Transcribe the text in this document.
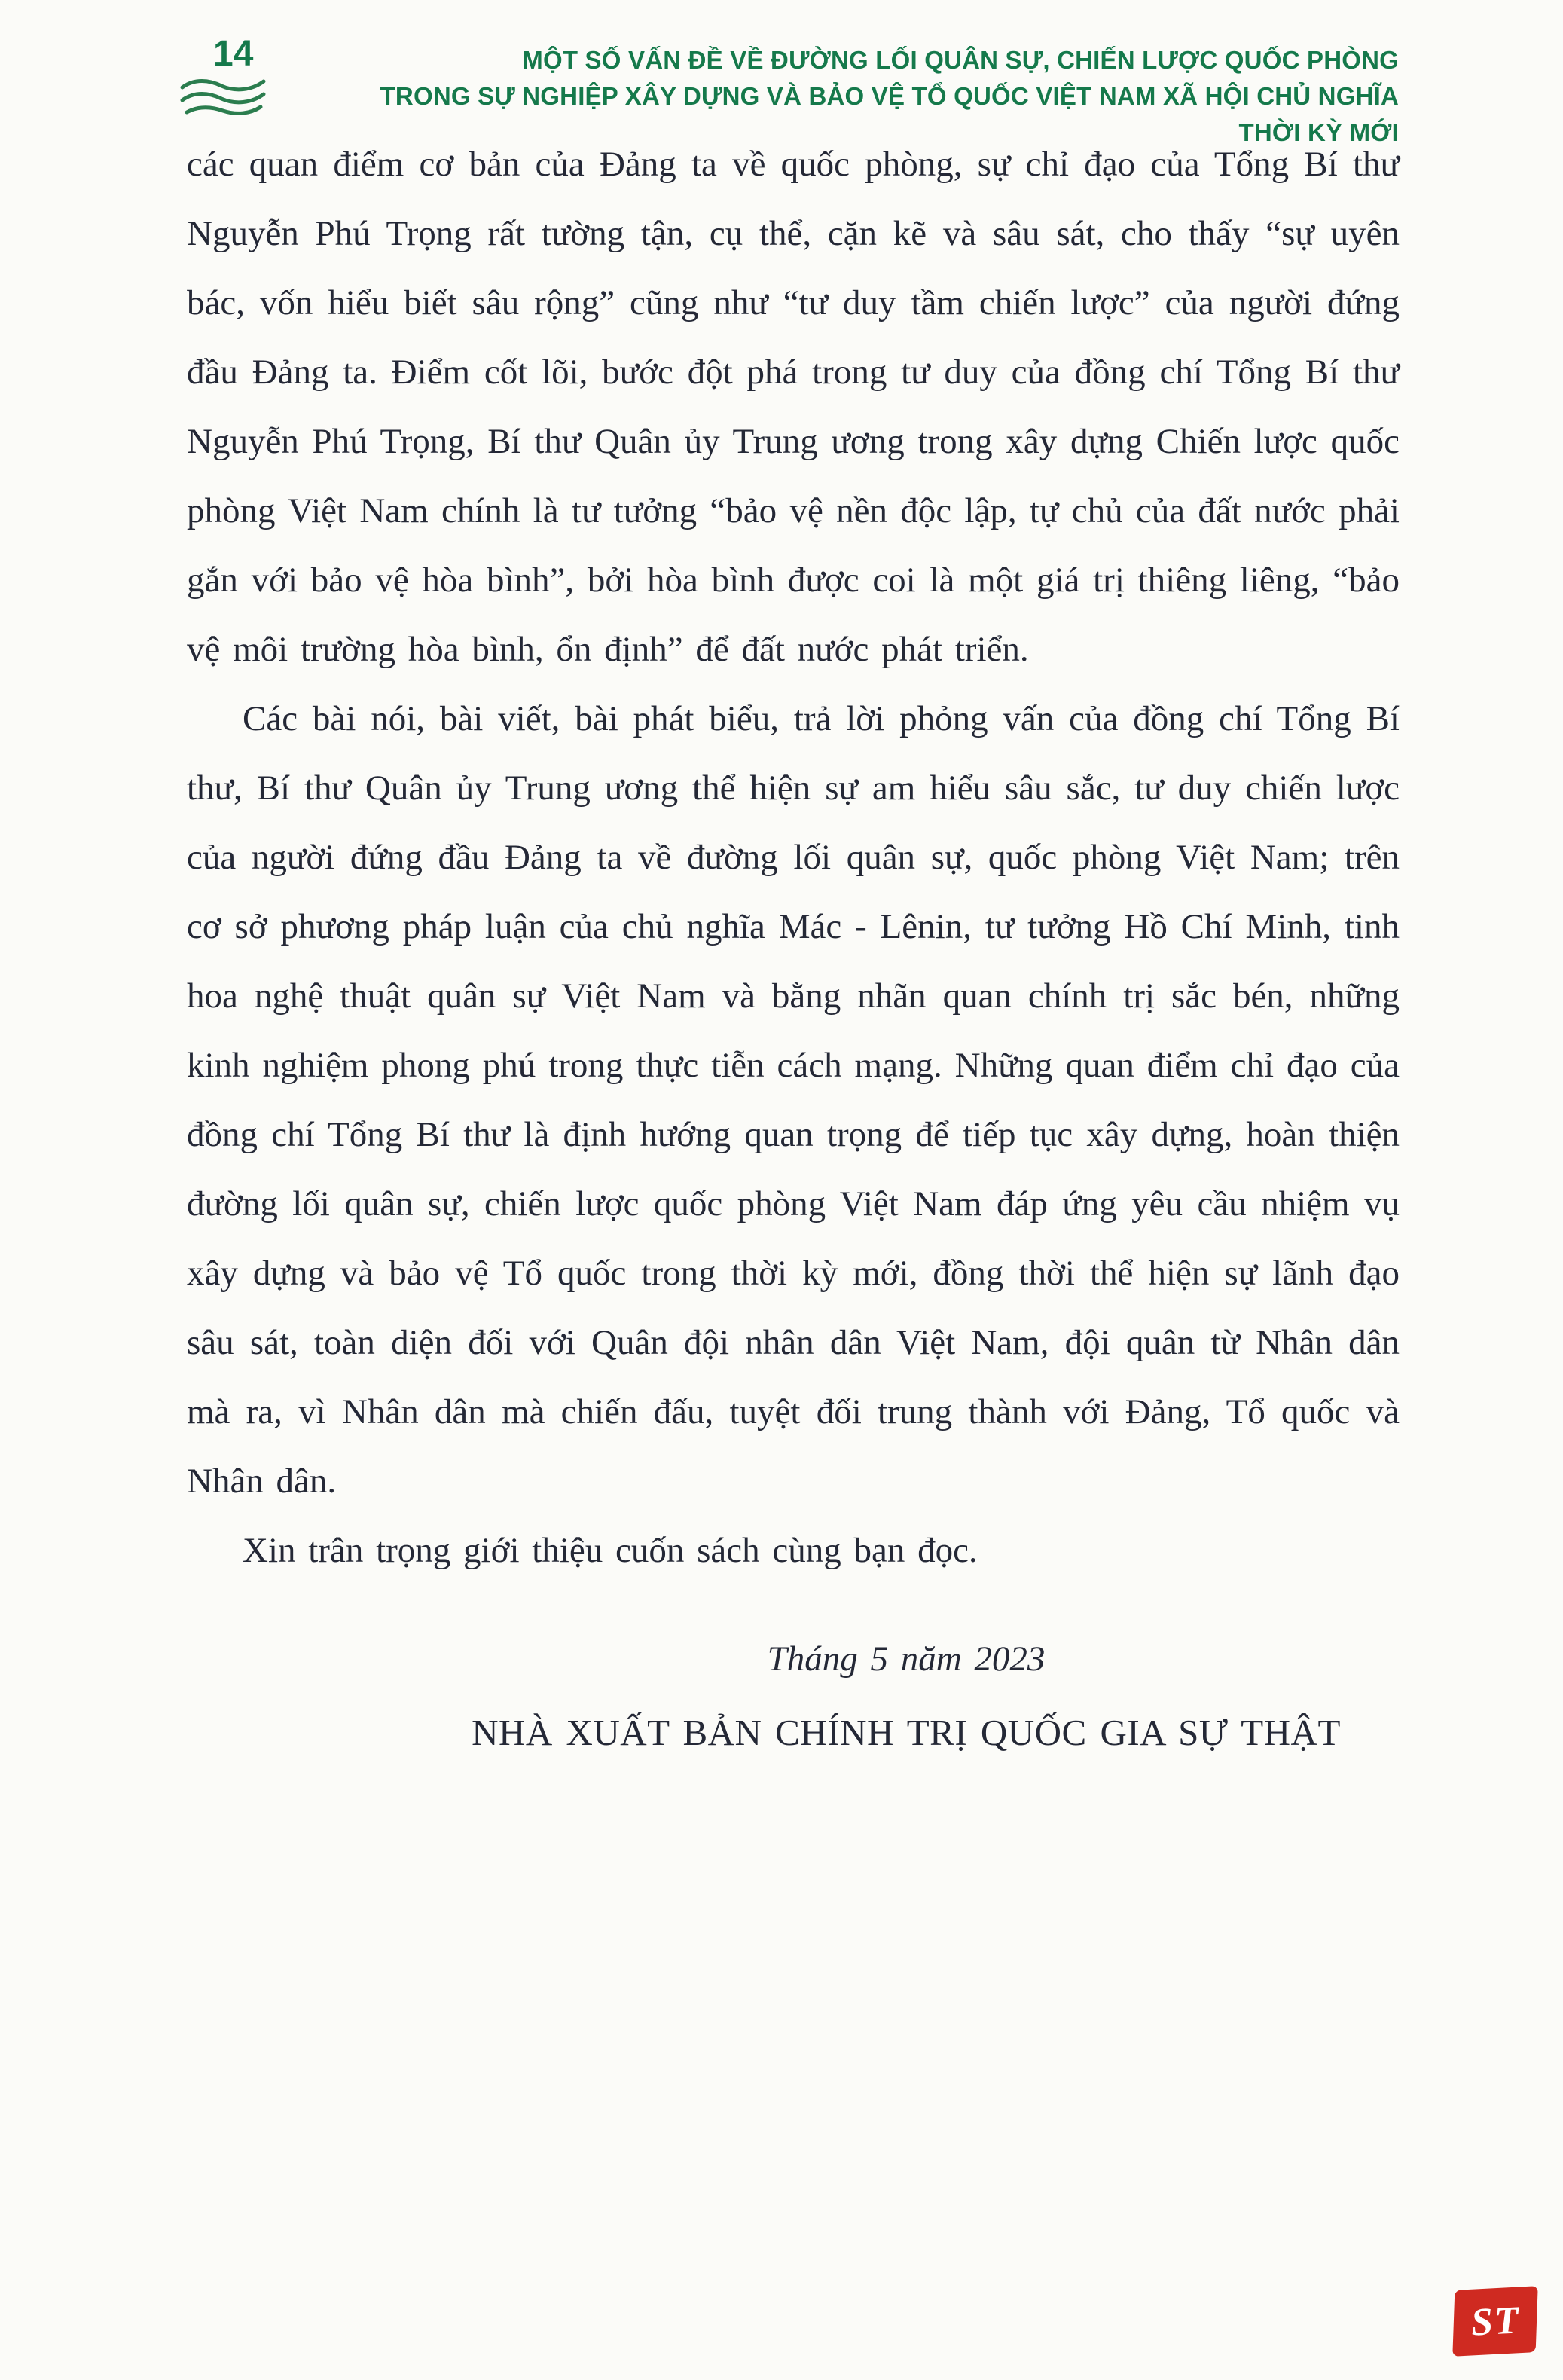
14	MỘT SỐ VẤN ĐỀ VỀ ĐƯỜNG LỐI QUÂN SỰ, CHIẾN LƯỢC QUỐC PHÒNG
TRONG SỰ NGHIỆP XÂY DỰNG VÀ BẢO VỆ TỔ QUỐC VIỆT NAM XÃ HỘI CHỦ NGHĨA THỜI KỲ MỚI

các quan điểm cơ bản của Đảng ta về quốc phòng, sự chỉ đạo của Tổng Bí thư Nguyễn Phú Trọng rất tường tận, cụ thể, cặn kẽ và sâu sát, cho thấy “sự uyên bác, vốn hiểu biết sâu rộng” cũng như “tư duy tầm chiến lược” của người đứng đầu Đảng ta. Điểm cốt lõi, bước đột phá trong tư duy của đồng chí Tổng Bí thư Nguyễn Phú Trọng, Bí thư Quân ủy Trung ương trong xây dựng Chiến lược quốc phòng Việt Nam chính là tư tưởng “bảo vệ nền độc lập, tự chủ của đất nước phải gắn với bảo vệ hòa bình”, bởi hòa bình được coi là một giá trị thiêng liêng, “bảo vệ môi trường hòa bình, ổn định” để đất nước phát triển.

Các bài nói, bài viết, bài phát biểu, trả lời phỏng vấn của đồng chí Tổng Bí thư, Bí thư Quân ủy Trung ương thể hiện sự am hiểu sâu sắc, tư duy chiến lược của người đứng đầu Đảng ta về đường lối quân sự, quốc phòng Việt Nam; trên cơ sở phương pháp luận của chủ nghĩa Mác - Lênin, tư tưởng Hồ Chí Minh, tinh hoa nghệ thuật quân sự Việt Nam và bằng nhãn quan chính trị sắc bén, những kinh nghiệm phong phú trong thực tiễn cách mạng. Những quan điểm chỉ đạo của đồng chí Tổng Bí thư là định hướng quan trọng để tiếp tục xây dựng, hoàn thiện đường lối quân sự, chiến lược quốc phòng Việt Nam đáp ứng yêu cầu nhiệm vụ xây dựng và bảo vệ Tổ quốc trong thời kỳ mới, đồng thời thể hiện sự lãnh đạo sâu sát, toàn diện đối với Quân đội nhân dân Việt Nam, đội quân từ Nhân dân mà ra, vì Nhân dân mà chiến đấu, tuyệt đối trung thành với Đảng, Tổ quốc và Nhân dân.

Xin trân trọng giới thiệu cuốn sách cùng bạn đọc.

Tháng 5 năm 2023

NHÀ XUẤT BẢN CHÍNH TRỊ QUỐC GIA SỰ THẬT

ST
